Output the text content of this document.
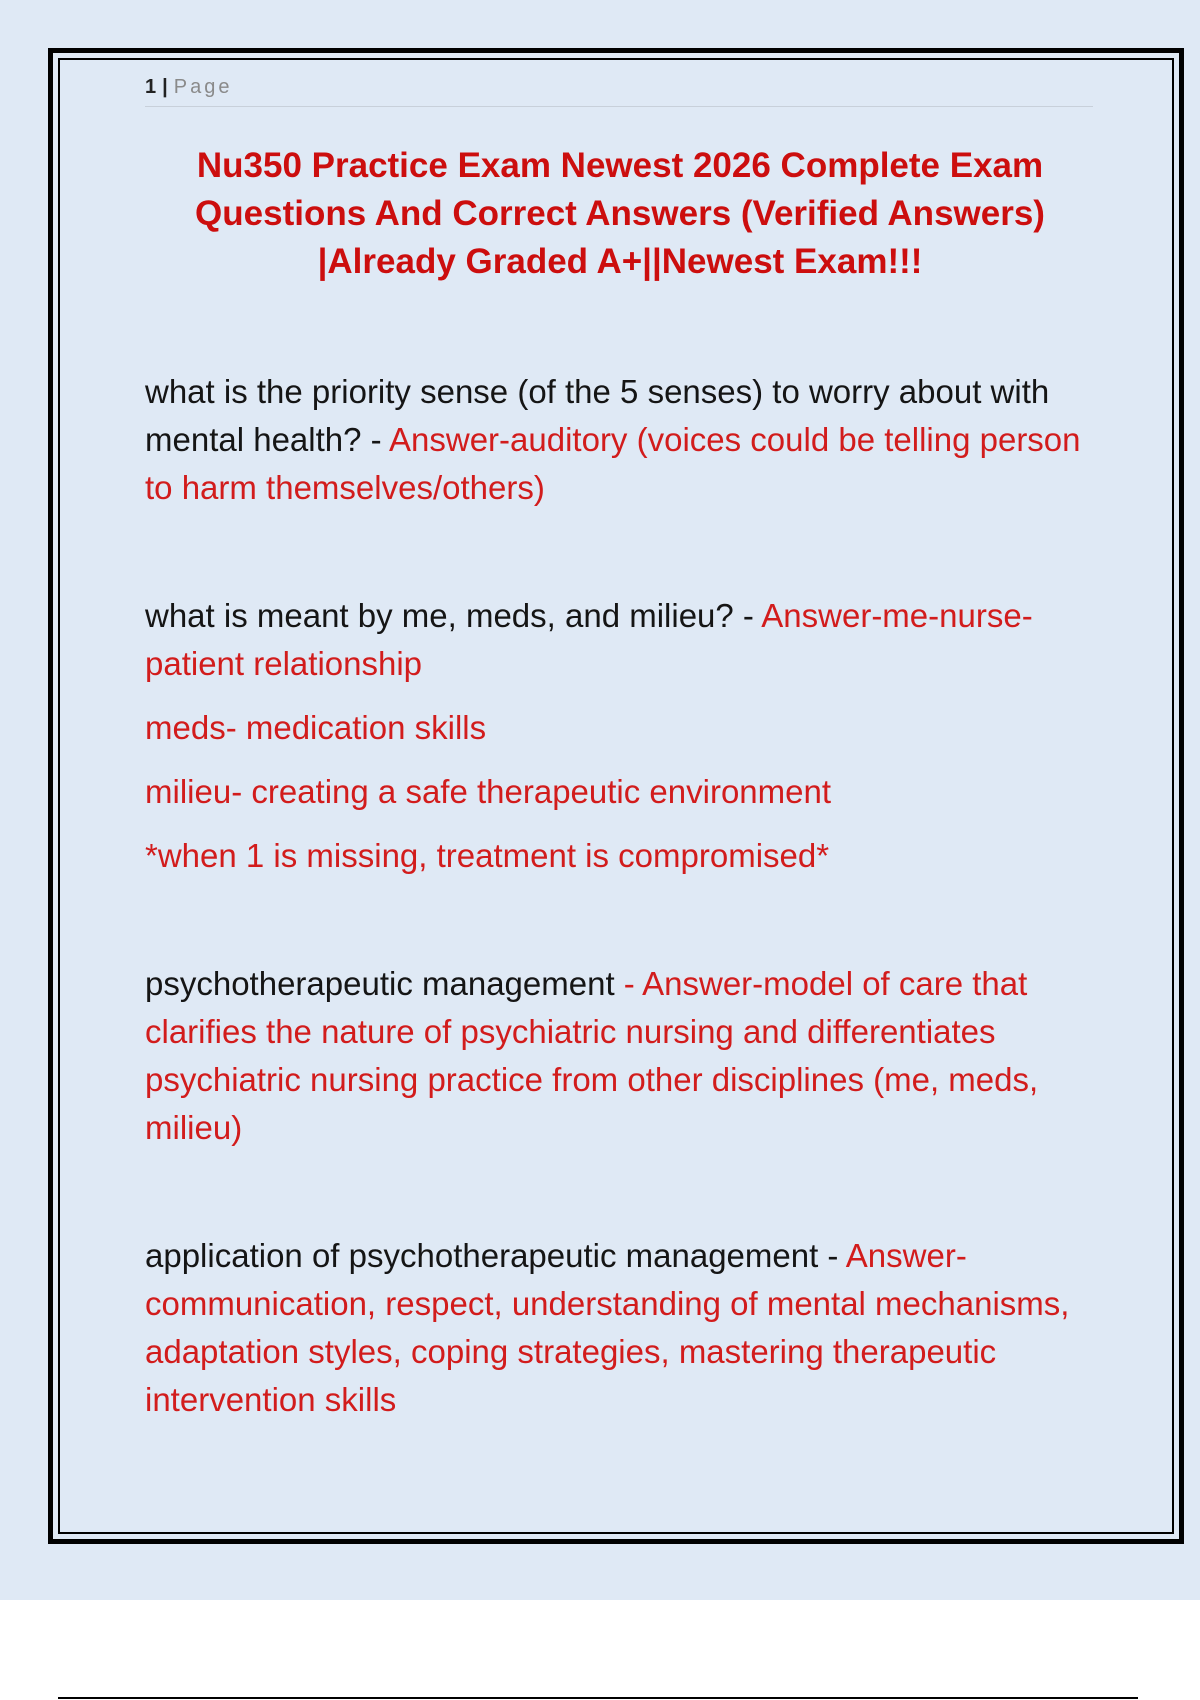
1 | Page
Nu350 Practice Exam Newest 2026 Complete Exam
Questions And Correct Answers (Verified Answers)
|Already Graded A+||Newest Exam!!!

what is the priority sense (of the 5 senses) to worry about with mental health? - Answer-auditory (voices could be telling person to harm themselves/others)

what is meant by me, meds, and milieu? - Answer-me-nurse-patient relationship

meds- medication skills
milieu- creating a safe therapeutic environment
*when 1 is missing, treatment is compromised*

psychotherapeutic management - Answer-model of care that clarifies the nature of psychiatric nursing and differentiates psychiatric nursing practice from other disciplines (me, meds, milieu)

application of psychotherapeutic management - Answer-communication, respect, understanding of mental mechanisms, adaptation styles, coping strategies, mastering therapeutic intervention skills
